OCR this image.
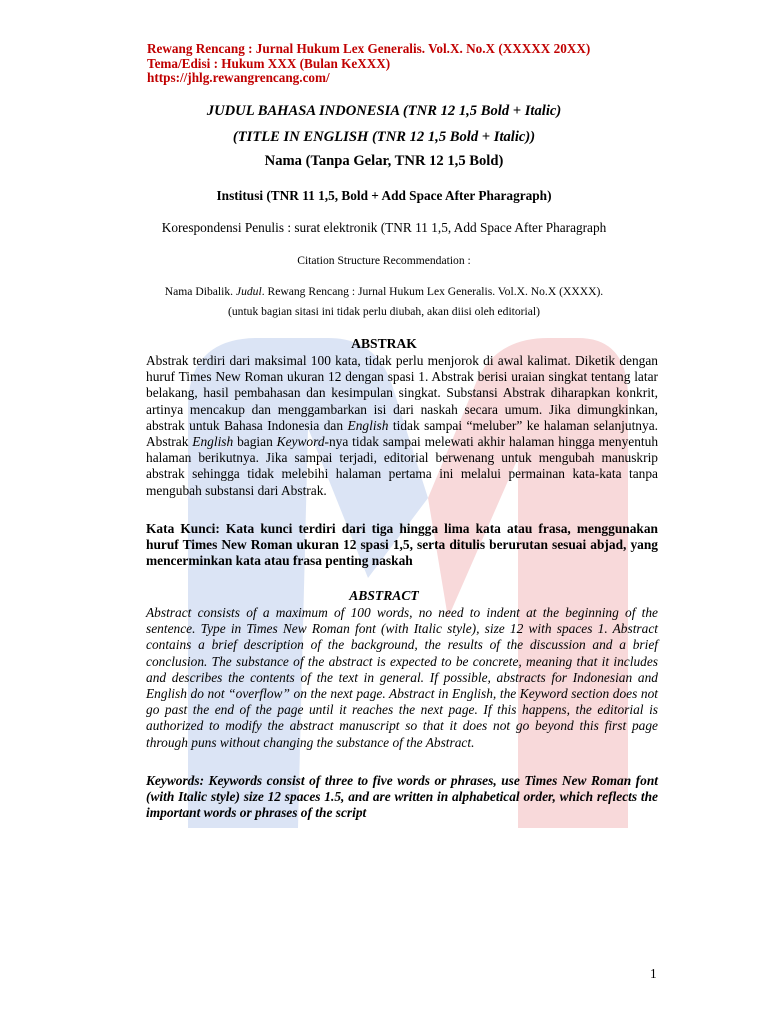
Rewang Rencang : Jurnal Hukum Lex Generalis. Vol.X. No.X (XXXXX 20XX)
Tema/Edisi : Hukum XXX (Bulan KeXXX)
https://jhlg.rewangrencang.com/
JUDUL BAHASA INDONESIA (TNR 12 1,5 Bold + Italic)
(TITLE IN ENGLISH (TNR 12 1,5 Bold + Italic))
Nama (Tanpa Gelar, TNR 12 1,5 Bold)
Institusi (TNR 11 1,5, Bold + Add Space After Pharagraph)
Korespondensi Penulis : surat elektronik (TNR 11 1,5, Add Space After Pharagraph
Citation Structure Recommendation :
Nama Dibalik. Judul. Rewang Rencang : Jurnal Hukum Lex Generalis. Vol.X. No.X (XXXX).
(untuk bagian sitasi ini tidak perlu diubah, akan diisi oleh editorial)
ABSTRAK
Abstrak terdiri dari maksimal 100 kata, tidak perlu menjorok di awal kalimat. Diketik dengan huruf Times New Roman ukuran 12 dengan spasi 1. Abstrak berisi uraian singkat tentang latar belakang, hasil pembahasan dan kesimpulan singkat. Substansi Abstrak diharapkan konkrit, artinya mencakup dan menggambarkan isi dari naskah secara umum. Jika dimungkinkan, abstrak untuk Bahasa Indonesia dan English tidak sampai “meluber” ke halaman selanjutnya. Abstrak English bagian Keyword-nya tidak sampai melewati akhir halaman hingga menyentuh halaman berikutnya. Jika sampai terjadi, editorial berwenang untuk mengubah manuskrip abstrak sehingga tidak melebihi halaman pertama ini melalui permainan kata-kata tanpa mengubah substansi dari Abstrak.
Kata Kunci: Kata kunci terdiri dari tiga hingga lima kata atau frasa, menggunakan huruf Times New Roman ukuran 12 spasi 1,5, serta ditulis berurutan sesuai abjad, yang mencerminkan kata atau frasa penting naskah
ABSTRACT
Abstract consists of a maximum of 100 words, no need to indent at the beginning of the sentence. Type in Times New Roman font (with Italic style), size 12 with spaces 1. Abstract contains a brief description of the background, the results of the discussion and a brief conclusion. The substance of the abstract is expected to be concrete, meaning that it includes and describes the contents of the text in general. If possible, abstracts for Indonesian and English do not “overflow” on the next page. Abstract in English, the Keyword section does not go past the end of the page until it reaches the next page. If this happens, the editorial is authorized to modify the abstract manuscript so that it does not go beyond this first page through puns without changing the substance of the Abstract.
Keywords: Keywords consist of three to five words or phrases, use Times New Roman font (with Italic style) size 12 spaces 1.5, and are written in alphabetical order, which reflects the important words or phrases of the script
1
